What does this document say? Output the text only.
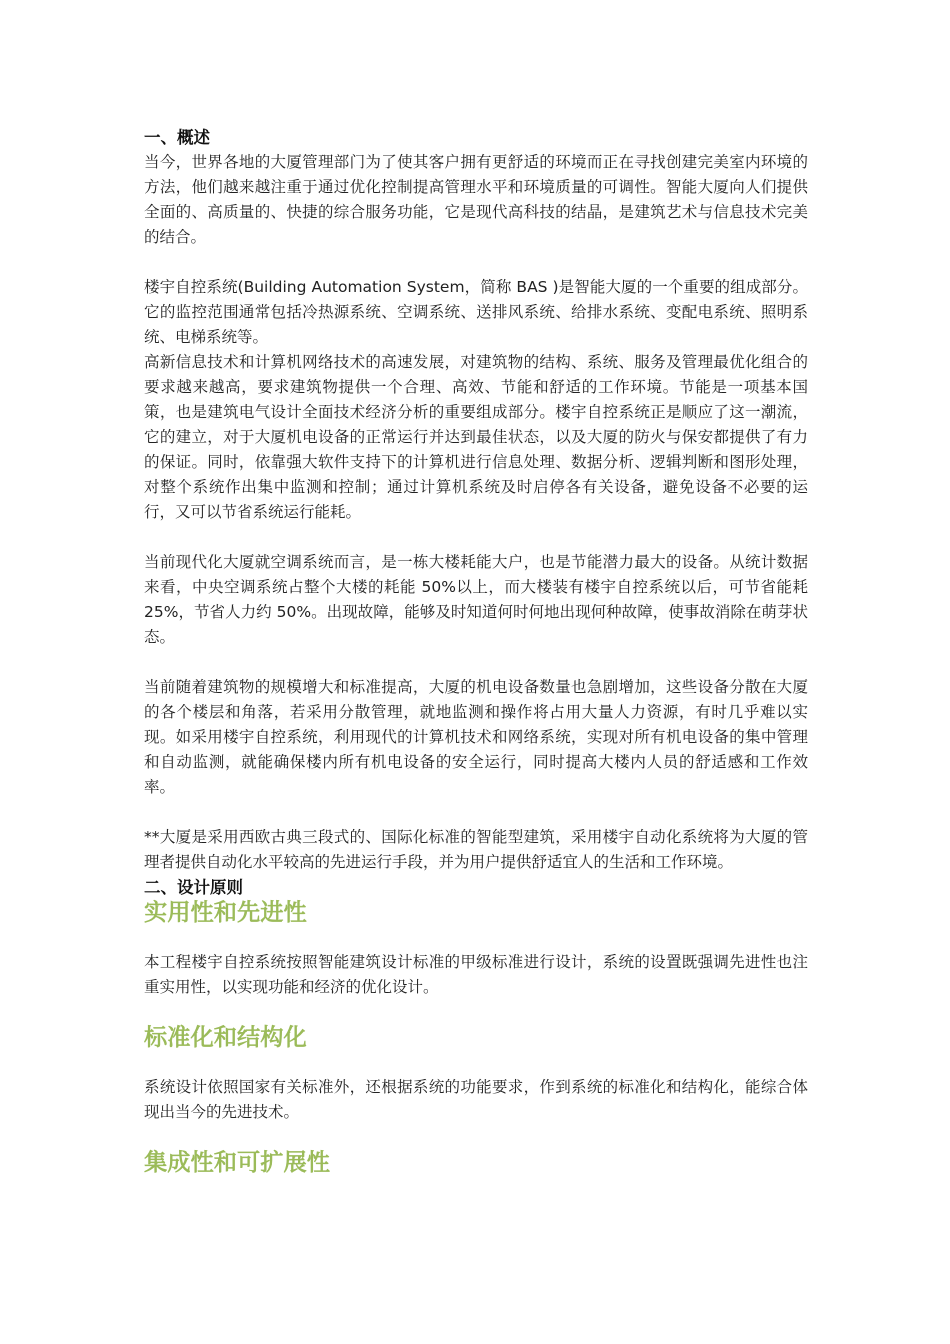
一、概述

当今，世界各地的大厦管理部门为了使其客户拥有更舒适的环境而正在寻找创建完美室内环境的方法，他们越来越注重于通过优化控制提高管理水平和环境质量的可调性。智能大厦向人们提供全面的、高质量的、快捷的综合服务功能，它是现代高科技的结晶，是建筑艺术与信息技术完美的结合。

楼宇自控系统(Building Automation System，简称 BAS )是智能大厦的一个重要的组成部分。它的监控范围通常包括冷热源系统、空调系统、送排风系统、给排水系统、变配电系统、照明系统、电梯系统等。

高新信息技术和计算机网络技术的高速发展，对建筑物的结构、系统、服务及管理最优化组合的要求越来越高，要求建筑物提供一个合理、高效、节能和舒适的工作环境。节能是一项基本国策，也是建筑电气设计全面技术经济分析的重要组成部分。楼宇自控系统正是顺应了这一潮流，它的建立，对于大厦机电设备的正常运行并达到最佳状态，以及大厦的防火与保安都提供了有力的保证。同时，依靠强大软件支持下的计算机进行信息处理、数据分析、逻辑判断和图形处理，对整个系统作出集中监测和控制；通过计算机系统及时启停各有关设备，避免设备不必要的运行，又可以节省系统运行能耗。

当前现代化大厦就空调系统而言，是一栋大楼耗能大户，也是节能潜力最大的设备。从统计数据来看，中央空调系统占整个大楼的耗能 50%以上，而大楼装有楼宇自控系统以后，可节省能耗 25%，节省人力约 50%。出现故障，能够及时知道何时何地出现何种故障，使事故消除在萌芽状态。

当前随着建筑物的规模增大和标准提高，大厦的机电设备数量也急剧增加，这些设备分散在大厦的各个楼层和角落，若采用分散管理，就地监测和操作将占用大量人力资源，有时几乎难以实现。如采用楼宇自控系统，利用现代的计算机技术和网络系统，实现对所有机电设备的集中管理和自动监测，就能确保楼内所有机电设备的安全运行，同时提高大楼内人员的舒适感和工作效率。

**大厦是采用西欧古典三段式的、国际化标准的智能型建筑，采用楼宇自动化系统将为大厦的管理者提供自动化水平较高的先进运行手段，并为用户提供舒适宜人的生活和工作环境。

二、设计原则
实用性和先进性

本工程楼宇自控系统按照智能建筑设计标准的甲级标准进行设计，系统的设置既强调先进性也注重实用性，以实现功能和经济的优化设计。

标准化和结构化

系统设计依照国家有关标准外，还根据系统的功能要求，作到系统的标准化和结构化，能综合体现出当今的先进技术。

集成性和可扩展性
